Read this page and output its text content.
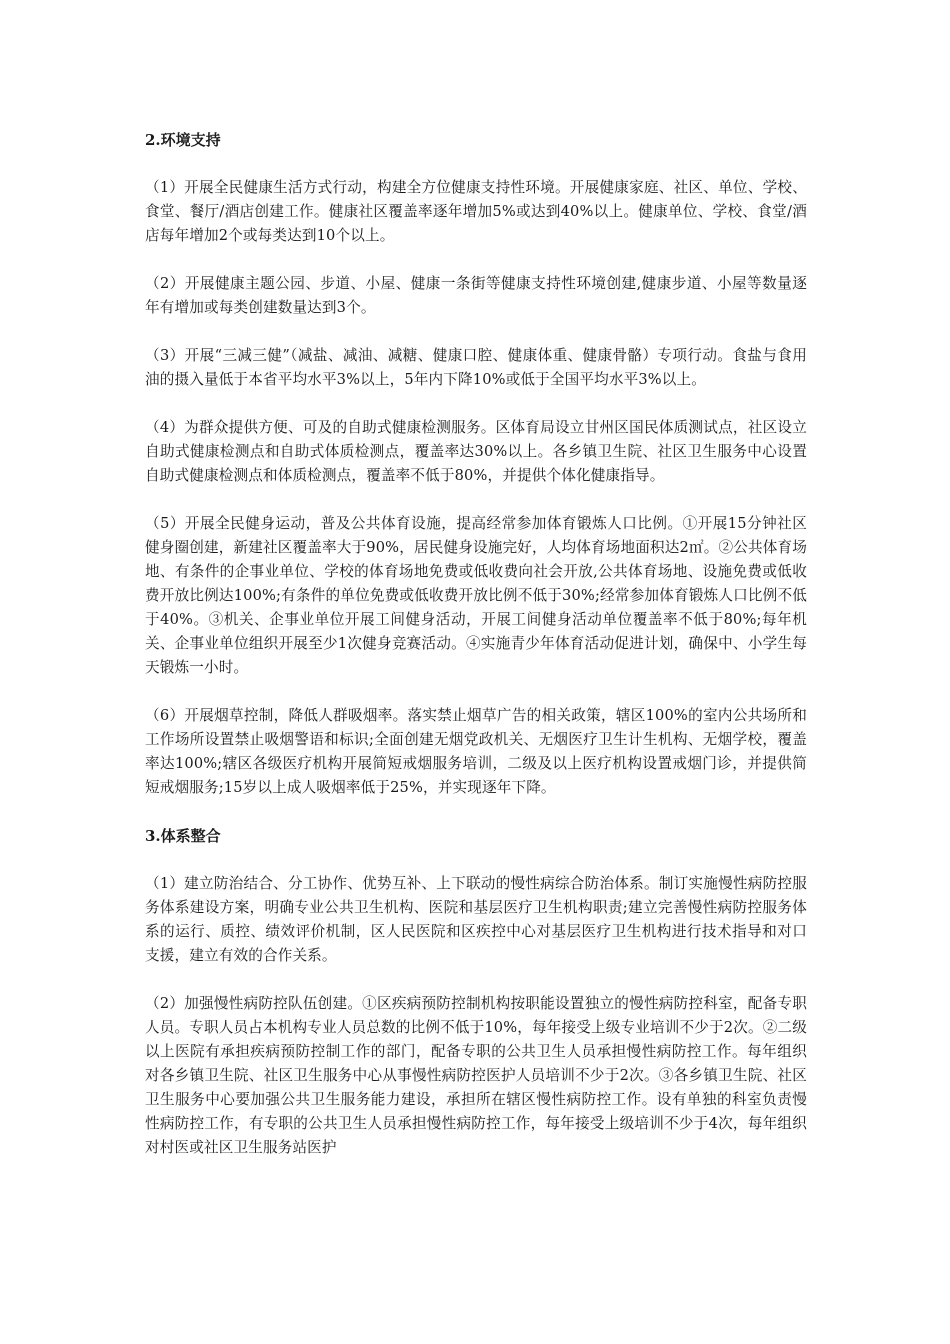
2.环境支持

（1）开展全民健康生活方式行动，构建全方位健康支持性环境。开展健康家庭、社区、单位、学校、食堂、餐厅/酒店创建工作。健康社区覆盖率逐年增加5%或达到40%以上。健康单位、学校、食堂/酒店每年增加2个或每类达到10个以上。

（2）开展健康主题公园、步道、小屋、健康一条街等健康支持性环境创建,健康步道、小屋等数量逐年有增加或每类创建数量达到3个。

（3）开展“三减三健”（减盐、减油、减糖、健康口腔、健康体重、健康骨骼）专项行动。食盐与食用油的摄入量低于本省平均水平3%以上，5年内下降10%或低于全国平均水平3%以上。

（4）为群众提供方便、可及的自助式健康检测服务。区体育局设立甘州区国民体质测试点，社区设立自助式健康检测点和自助式体质检测点，覆盖率达30%以上。各乡镇卫生院、社区卫生服务中心设置自助式健康检测点和体质检测点，覆盖率不低于80%，并提供个体化健康指导。

（5）开展全民健身运动，普及公共体育设施，提高经常参加体育锻炼人口比例。①开展15分钟社区健身圈创建，新建社区覆盖率大于90%，居民健身设施完好，人均体育场地面积达2㎡。②公共体育场地、有条件的企事业单位、学校的体育场地免费或低收费向社会开放,公共体育场地、设施免费或低收费开放比例达100%;有条件的单位免费或低收费开放比例不低于30%;经常参加体育锻炼人口比例不低于40%。③机关、企事业单位开展工间健身活动，开展工间健身活动单位覆盖率不低于80%;每年机关、企事业单位组织开展至少1次健身竞赛活动。④实施青少年体育活动促进计划，确保中、小学生每天锻炼一小时。

（6）开展烟草控制，降低人群吸烟率。落实禁止烟草广告的相关政策，辖区100%的室内公共场所和工作场所设置禁止吸烟警语和标识;全面创建无烟党政机关、无烟医疗卫生计生机构、无烟学校，覆盖率达100%;辖区各级医疗机构开展简短戒烟服务培训，二级及以上医疗机构设置戒烟门诊，并提供简短戒烟服务;15岁以上成人吸烟率低于25%，并实现逐年下降。

3.体系整合

（1）建立防治结合、分工协作、优势互补、上下联动的慢性病综合防治体系。制订实施慢性病防控服务体系建设方案，明确专业公共卫生机构、医院和基层医疗卫生机构职责;建立完善慢性病防控服务体系的运行、质控、绩效评价机制，区人民医院和区疾控中心对基层医疗卫生机构进行技术指导和对口支援，建立有效的合作关系。

（2）加强慢性病防控队伍创建。①区疾病预防控制机构按职能设置独立的慢性病防控科室，配备专职人员。专职人员占本机构专业人员总数的比例不低于10%，每年接受上级专业培训不少于2次。②二级以上医院有承担疾病预防控制工作的部门，配备专职的公共卫生人员承担慢性病防控工作。每年组织对各乡镇卫生院、社区卫生服务中心从事慢性病防控医护人员培训不少于2次。③各乡镇卫生院、社区卫生服务中心要加强公共卫生服务能力建设，承担所在辖区慢性病防控工作。设有单独的科室负责慢性病防控工作，有专职的公共卫生人员承担慢性病防控工作，每年接受上级培训不少于4次，每年组织对村医或社区卫生服务站医护
